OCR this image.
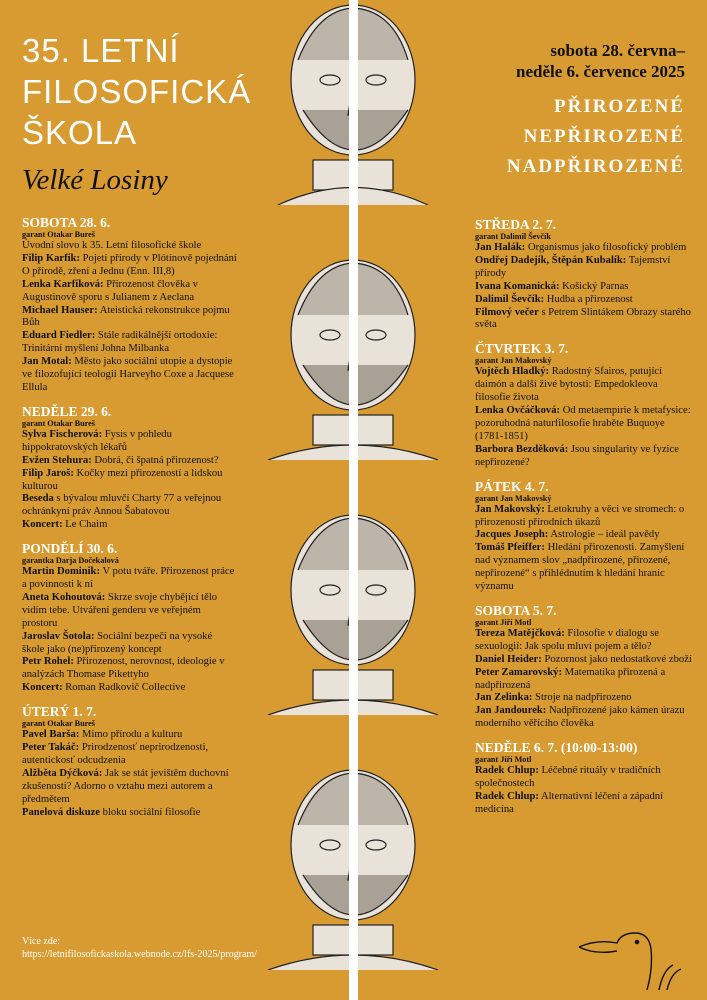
35. LETNÍ
FILOSOFICKÁ
ŠKOLA
Velké Losiny
sobota 28. června–
neděle 6. července 2025
PŘIROZENÉ
NEPŘIROZENÉ
NADPŘIROZENÉ
SOBOTA 28. 6.
garant Otakar Bureš
Úvodní slovo k 35. Letní filosofické škole
Filip Karfík: Pojetí přírody v Plótínově pojednání O přírodě, zření a Jednu (Enn. III,8)
Lenka Karfíková: Přirozenost člověka v Augustinově sporu s Julianem z Aeclana
Michael Hauser: Ateistická rekonstrukce pojmu Bůh
Eduard Fiedler: Stále radikálnější ortodoxie: Trinitární myšlení Johna Milbanka
Jan Motal: Město jako sociální utopie a dystopie ve filozofující teologii Harveyho Coxe a Jacquese Ellula
NEDĚLE 29. 6.
garant Otakar Bureš
Sylva Fischerová: Fysis v pohledu hippokratovských lékařů
Evžen Stehura: Dobrá, či špatná přirozenost?
Filip Jaroš: Kočky mezi přirozeností a lidskou kulturou
Beseda s bývalou mluvčí Charty 77 a veřejnou ochránkyní práv Annou Šabatovou
Koncert: Le Chaim
PONDĚLÍ 30. 6.
garantka Darja Dočekalová
Martin Dominik: V potu tváře. Přirozenost práce a povinnosti k ní
Aneta Kohoutová: Skrze svoje chybějící tělo vidím tebe. Utváření genderu ve veřejném prostoru
Jaroslav Šotola: Sociální bezpečí na vysoké škole jako (ne)přirozený koncept
Petr Rohel: Přirozenost, nerovnost, ideologie v analýzách Thomase Pikettyho
Koncert: Roman Radkovič Collective
ÚTERÝ 1. 7.
garant Otakar Bureš
Pavel Barša: Mimo přírodu a kulturu
Peter Takáč: Prirodzenosť neprirodzenosti, autentickosť odcudzenia
Alžběta Dýčková: Jak se stát jevištěm duchovní zkušenosti? Adorno o vztahu mezi autorem a předmětem
Panelová diskuze bloku sociální filosofie
STŘEDA 2. 7.
garant Dalimil Ševčík
Jan Halák: Organismus jako filosofický problém
Ondřej Dadejík, Štěpán Kubalík: Tajemství přírody
Ivana Komanická: Košický Parnas
Dalimil Ševčík: Hudba a přirozenost
Filmový večer s Petrem Slintákem Obrazy starého světa
ČTVRTEK 3. 7.
garant Jan Makovský
Vojtěch Hladký: Radostný Sfairos, putující daimón a další živé bytosti: Empedokleova filosofie života
Lenka Ovčáčková: Od metaempirie k metafysice: pozoruhodná naturfilosofie hraběte Buquoye (1781-1851)
Barbora Bezděková: Jsou singularity ve fyzice nepřirozené?
PÁTEK 4. 7.
garant Jan Makovský
Jan Makovský: Letokruhy a věci ve stromech: o přirozenosti přírodních úkazů
Jacques Joseph: Astrologie – ideál pavědy
Tomáš Pfeiffer: Hledání přirozenosti. Zamyšlení nad významem slov „nadpřirozené, přirozené, nepřirozené“ s přihlédnutím k hledání hranic významu
SOBOTA 5. 7.
garant Jiří Motl
Tereza Matějčková: Filosofie v dialogu se sexuologií: Jak spolu mluví pojem a tělo?
Daniel Heider: Pozornost jako nedostatkové zboží
Peter Zamarovský: Matematika přirozená a nadpřirozená
Jan Zelinka: Stroje na nadpřirozeno
Jan Jandourek: Nadpřirozené jako kámen úrazu moderního věřícího člověka
NEDĚLE 6. 7. (10:00-13:00)
garant Jiří Motl
Radek Chlup: Léčebné rituály v tradičních společnostech
Radek Chlup: Alternativní léčení a západní medicína
Více zde:
https://letnifilosofickaskola.webnode.cz/lfs-2025/program/
